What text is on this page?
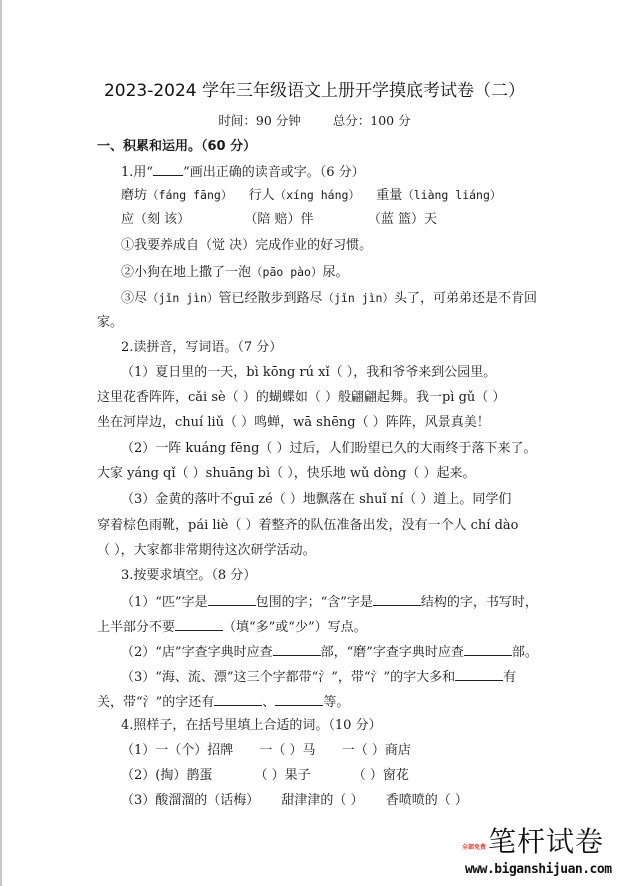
2023-2024 学年三年级语文上册开学摸底考试卷（二）
时间：90 分钟	总分：100 分
一、积累和运用。（60 分）
1.用“ ”画出正确的读音或字。（6 分）
磨坊（fáng fāng） 行人（xíng háng） 重量（liàng liáng）
应（刻 该）	（陪 赔）伴	（蓝 篮）天
①我要养成自（觉 决）完成作业的好习惯。
②小狗在地上撒了一泡（pāo pào）尿。
③尽（jǐn jìn）管已经散步到路尽（jǐn jìn）头了，可弟弟还是不肯回
家。
2.读拼音，写词语。（7 分）
（1）夏日里的一天，bì kōng rú xǐ（ ），我和爷爷来到公园里。
这里花香阵阵，cǎi sè（ ）的蝴蝶如（ ）般翩翩起舞。我一pì gǔ（ ）
坐在河岸边，chuí liǔ（ ）鸣蝉，wā shēng（ ）阵阵，风景真美！
（2）一阵 kuáng fēng（ ）过后，人们盼望已久的大雨终于落下来了。
大家 yáng qǐ（ ）shuāng bì（ ），快乐地 wǔ dòng（ ）起来。
（3）金黄的落叶不guī zé（ ）地飘落在 shuǐ ní（ ）道上。同学们
穿着棕色雨靴，pái liè（ ）着整齐的队伍准备出发，没有一个人 chí dào
（ ），大家都非常期待这次研学活动。
3.按要求填空。（8 分）
（1）“匹”字是	包围的字；“含”字是	结构的字，书写时，
上半部分不要	（填“多”或“少”）写点。
（2）“店”字查字典时应查	部，“磨”字查字典时应查	部。
（3）“海、流、漂”这三个字都带“氵”，带“氵”的字大多和	有
关，带“氵”的字还有	、	等。
4.照样子，在括号里填上合适的词。（10 分）
（1）一（个）招牌 一（ ）马 一（ ）商店
（2）(掏）鹊蛋	（ ）果子	（ ）窗花
（3）酸溜溜的（话梅） 甜津津的（ ） 香喷喷的（ ）
笔杆试卷
全部免费
www.biganshijuan.com
